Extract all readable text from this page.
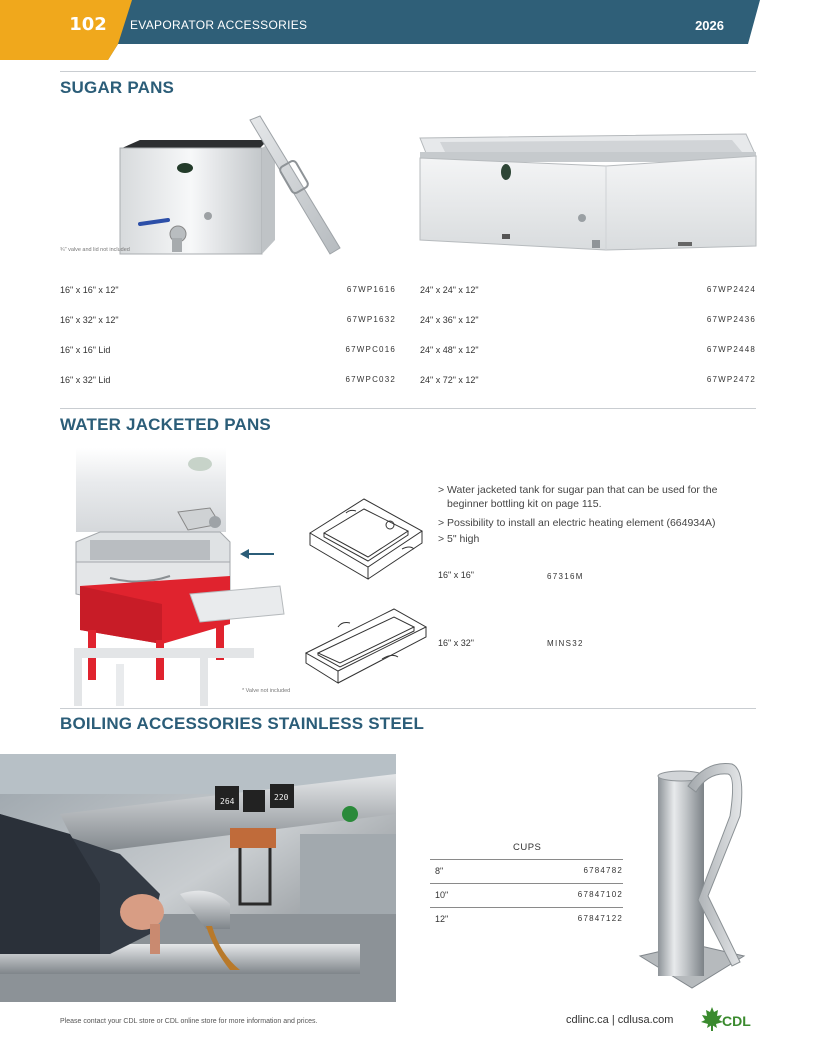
102	EVAPORATOR ACCESSORIES	2026
SUGAR PANS
¾" valve and lid not included
16" x 16" x 12"	67WP1616
16" x 32" x 12"	67WP1632
16" x 16" Lid	67WPC016
16" x 32" Lid	67WPC032
24" x 24" x 12"	67WP2424
24" x 36" x 12"	67WP2436
24" x 48" x 12"	67WP2448
24" x 72" x 12"	67WP2472
WATER JACKETED PANS
* Valve not included
> Water jacketed tank for sugar pan that can be used for the beginner bottling kit on page 115.
> Possibility to install an electric heating element (664934A)
> 5" high
16" x 16"	67316M
16" x 32"	MINS32
BOILING ACCESSORIES STAINLESS STEEL
264	220
CUPS
8"	6784782
10"	67847102
12"	67847122
Please contact your CDL store or CDL online store for more information and prices.	cdlinc.ca | cdlusa.com	CDL
